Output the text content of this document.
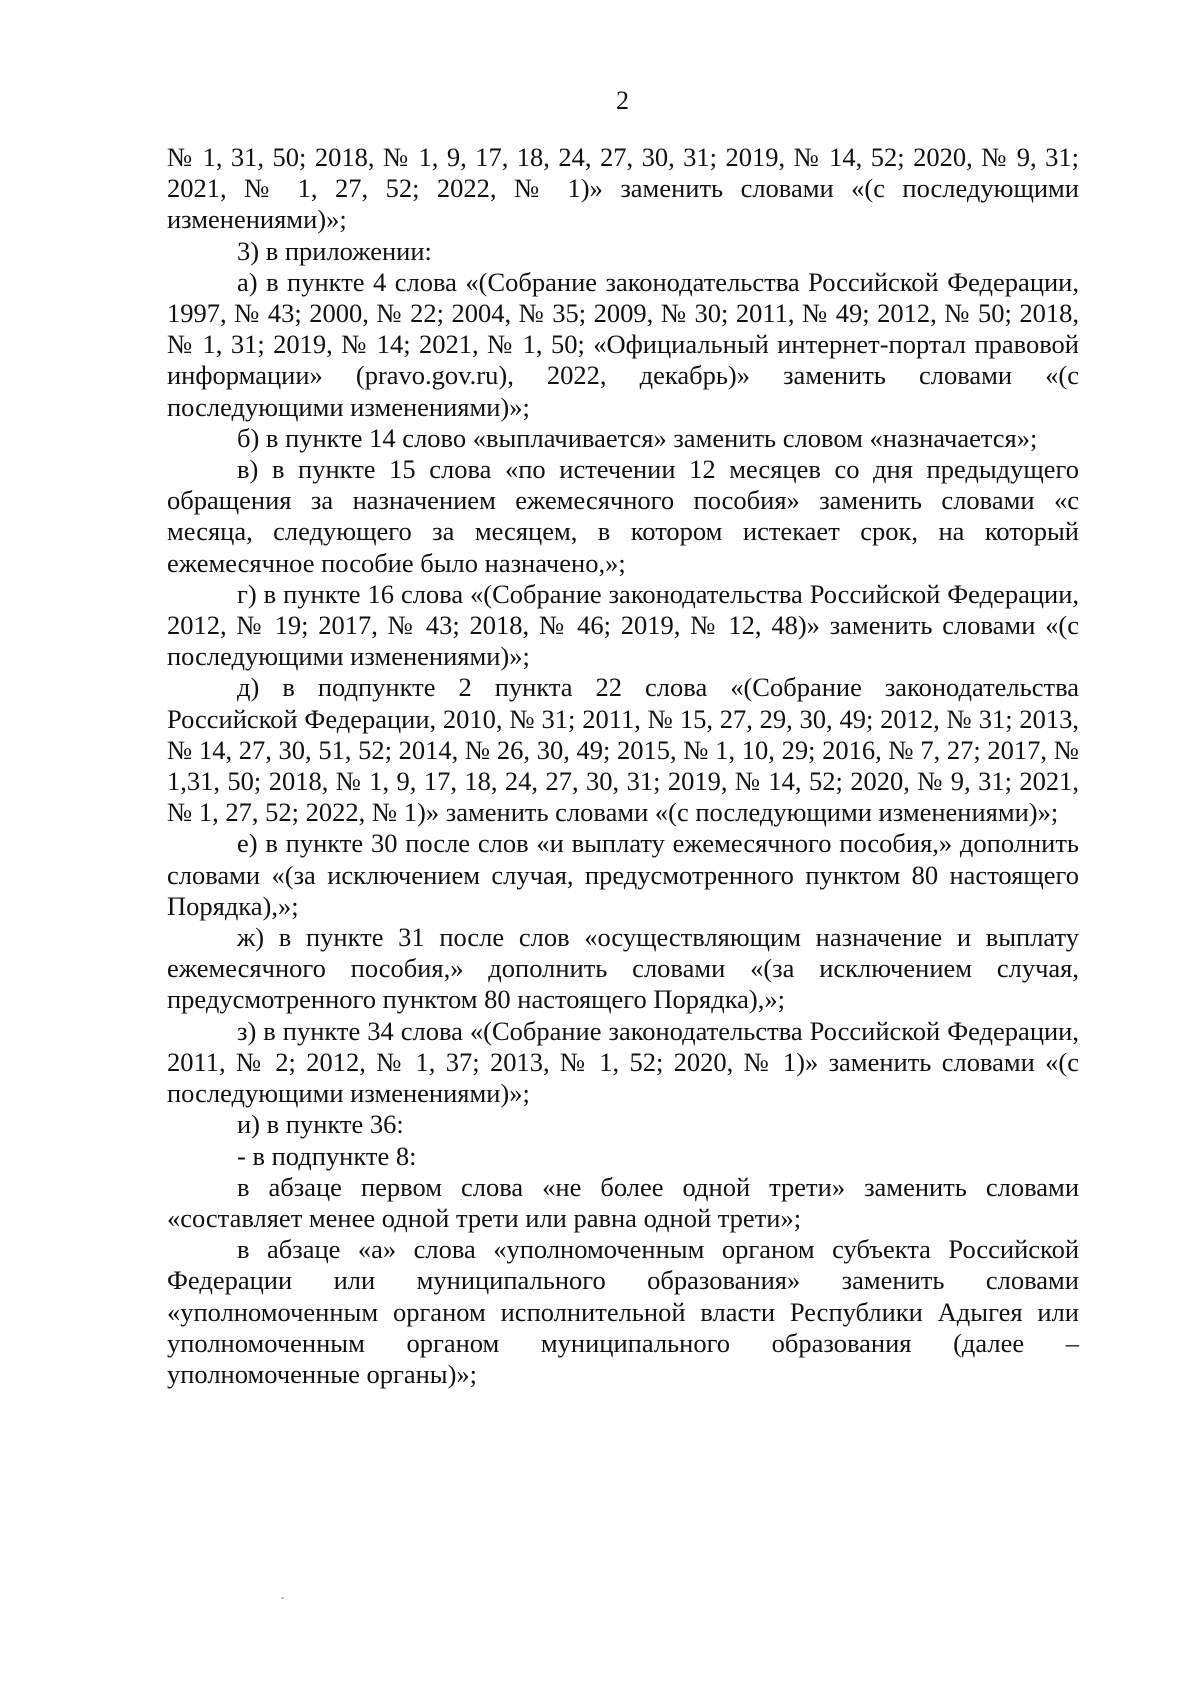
2

№ 1, 31, 50; 2018, № 1, 9, 17, 18, 24, 27, 30, 31; 2019, № 14, 52; 2020, № 9, 31; 2021, № 1, 27, 52; 2022, № 1)» заменить словами «(с последующими изменениями)»;

3) в приложении:

а) в пункте 4 слова «(Собрание законодательства Российской Федерации, 1997, № 43; 2000, № 22; 2004, № 35; 2009, № 30; 2011, № 49; 2012, № 50; 2018, № 1, 31; 2019, № 14; 2021, № 1, 50; «Официальный интернет-портал правовой информации» (pravo.gov.ru), 2022, декабрь)» заменить словами «(с последующими изменениями)»;

б) в пункте 14 слово «выплачивается» заменить словом «назначается»;

в) в пункте 15 слова «по истечении 12 месяцев со дня предыдущего обращения за назначением ежемесячного пособия» заменить словами «с месяца, следующего за месяцем, в котором истекает срок, на который ежемесячное пособие было назначено,»;

г) в пункте 16 слова «(Собрание законодательства Российской Федерации, 2012, № 19; 2017, № 43; 2018, № 46; 2019, № 12, 48)» заменить словами «(с последующими изменениями)»;

д) в подпункте 2 пункта 22 слова «(Собрание законодательства Российской Федерации, 2010, № 31; 2011, № 15, 27, 29, 30, 49; 2012, № 31; 2013, № 14, 27, 30, 51, 52; 2014, № 26, 30, 49; 2015, № 1, 10, 29; 2016, № 7, 27; 2017, № 1,31, 50; 2018, № 1, 9, 17, 18, 24, 27, 30, 31; 2019, № 14, 52; 2020, № 9, 31; 2021, № 1, 27, 52; 2022, № 1)» заменить словами «(с последующими изменениями)»;

е) в пункте 30 после слов «и выплату ежемесячного пособия,» дополнить словами «(за исключением случая, предусмотренного пунктом 80 настоящего Порядка),»;

ж) в пункте 31 после слов «осуществляющим назначение и выплату ежемесячного пособия,» дополнить словами «(за исключением случая, предусмотренного пунктом 80 настоящего Порядка),»;

з) в пункте 34 слова «(Собрание законодательства Российской Федерации, 2011, № 2; 2012, № 1, 37; 2013, № 1, 52; 2020, № 1)» заменить словами «(с последующими изменениями)»;

и) в пункте 36:

- в подпункте 8:

в абзаце первом слова «не более одной трети» заменить словами «составляет менее одной трети или равна одной трети»;

в абзаце «а» слова «уполномоченным органом субъекта Российской Федерации или муниципального образования» заменить словами «уполномоченным органом исполнительной власти Республики Адыгея или уполномоченным органом муниципального образования (далее – уполномоченные органы)»;
